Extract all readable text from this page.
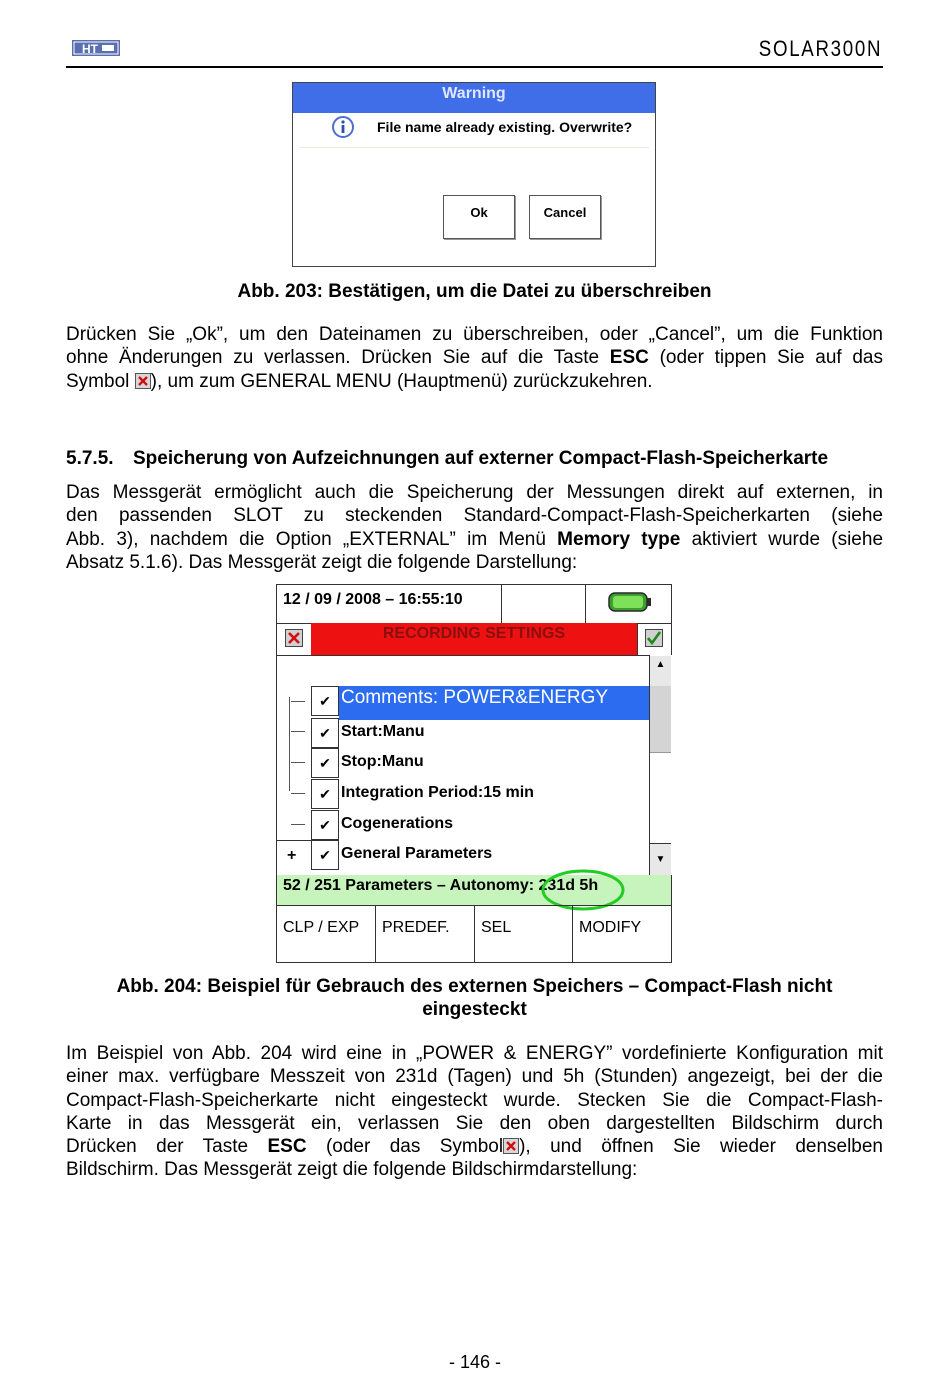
HT	SOLAR300N
Warning
File name already existing. Overwrite?
Ok	Cancel
Abb. 203: Bestätigen, um die Datei zu überschreiben
Drücken Sie „Ok”, um den Dateinamen zu überschreiben, oder „Cancel”, um die Funktion
ohne Änderungen zu verlassen. Drücken Sie auf die Taste ESC (oder tippen Sie auf das
Symbol ), um zum GENERAL MENU (Hauptmenü) zurückzukehren.
5.7.5. Speicherung von Aufzeichnungen auf externer Compact-Flash-Speicherkarte
Das Messgerät ermöglicht auch die Speicherung der Messungen direkt auf externen, in
den passenden SLOT zu steckenden Standard-Compact-Flash-Speicherkarten (siehe
Abb. 3), nachdem die Option „EXTERNAL” im Menü Memory type aktiviert wurde (siehe
Absatz 5.1.6). Das Messgerät zeigt die folgende Darstellung:
12 / 09 / 2008 – 16:55:10
RECORDING SETTINGS
✔ Comments: POWER&ENERGY
✔ Start:Manu
✔ Stop:Manu
✔ Integration Period:15 min
✔ Cogenerations
+	✔ General Parameters
▲
▼
52 / 251 Parameters – Autonomy: 231d 5h
CLP / EXP	PREDEF.	SEL	MODIFY
Abb. 204: Beispiel für Gebrauch des externen Speichers – Compact-Flash nicht
eingesteckt
Im Beispiel von Abb. 204 wird eine in „POWER & ENERGY” vordefinierte Konfiguration mit
einer max. verfügbare Messzeit von 231d (Tagen) und 5h (Stunden) angezeigt, bei der die
Compact-Flash-Speicherkarte nicht eingesteckt wurde. Stecken Sie die Compact-Flash-
Karte in das Messgerät ein, verlassen Sie den oben dargestellten Bildschirm durch
Drücken der Taste ESC (oder das Symbol ), und öffnen Sie wieder denselben
Bildschirm. Das Messgerät zeigt die folgende Bildschirmdarstellung:
- 146 -
